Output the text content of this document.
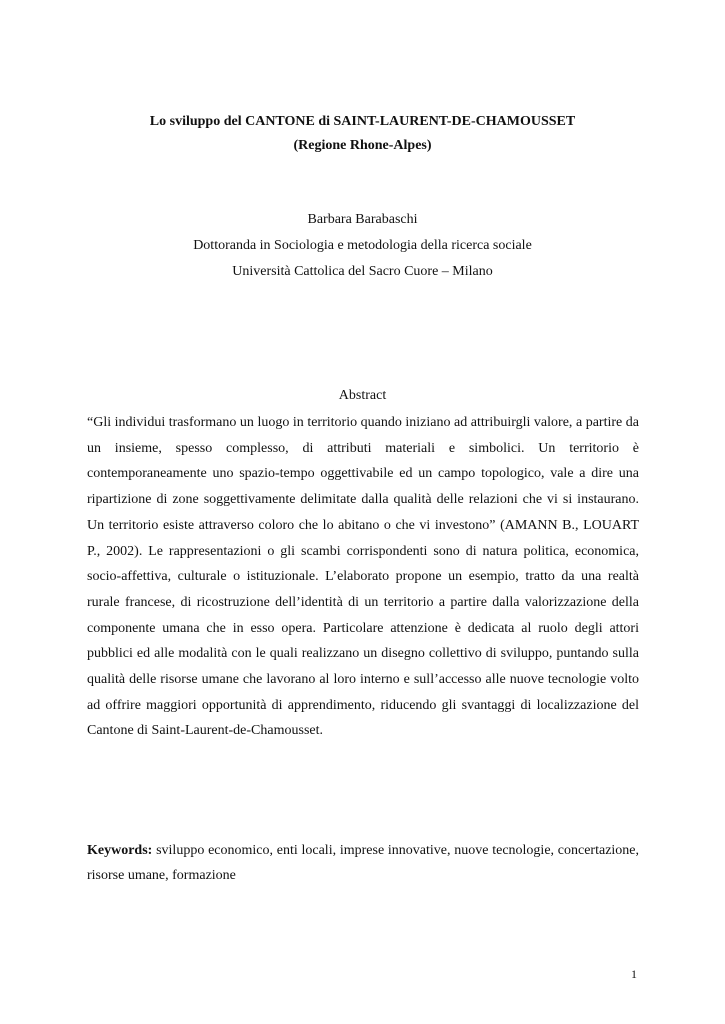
Lo sviluppo del CANTONE di SAINT-LAURENT-DE-CHAMOUSSET

(Regione Rhone-Alpes)

Barbara Barabaschi
Dottoranda in Sociologia e metodologia della ricerca sociale
Università Cattolica del Sacro Cuore – Milano
Abstract

“Gli individui trasformano un luogo in territorio quando iniziano ad attribuirgli valore, a partire da un insieme, spesso complesso, di attributi materiali e simbolici. Un territorio è contemporaneamente uno spazio-tempo oggettivabile ed un campo topologico, vale a dire una ripartizione di zone soggettivamente delimitate dalla qualità delle relazioni che vi si instaurano. Un territorio esiste attraverso coloro che lo abitano o che vi investono” (AMANN B., LOUART P., 2002). Le rappresentazioni o gli scambi corrispondenti sono di natura politica, economica, socio-affettiva, culturale o istituzionale. L’elaborato propone un esempio, tratto da una realtà rurale francese, di ricostruzione dell’identità di un territorio a partire dalla valorizzazione della componente umana che in esso opera. Particolare attenzione è dedicata al ruolo degli attori pubblici ed alle modalità con le quali realizzano un disegno collettivo di sviluppo, puntando sulla qualità delle risorse umane che lavorano al loro interno e sull’accesso alle nuove tecnologie volto ad offrire maggiori opportunità di apprendimento, riducendo gli svantaggi di localizzazione del Cantone di Saint-Laurent-de-Chamousset.

Keywords: sviluppo economico, enti locali, imprese innovative, nuove tecnologie, concertazione, risorse umane, formazione

1
